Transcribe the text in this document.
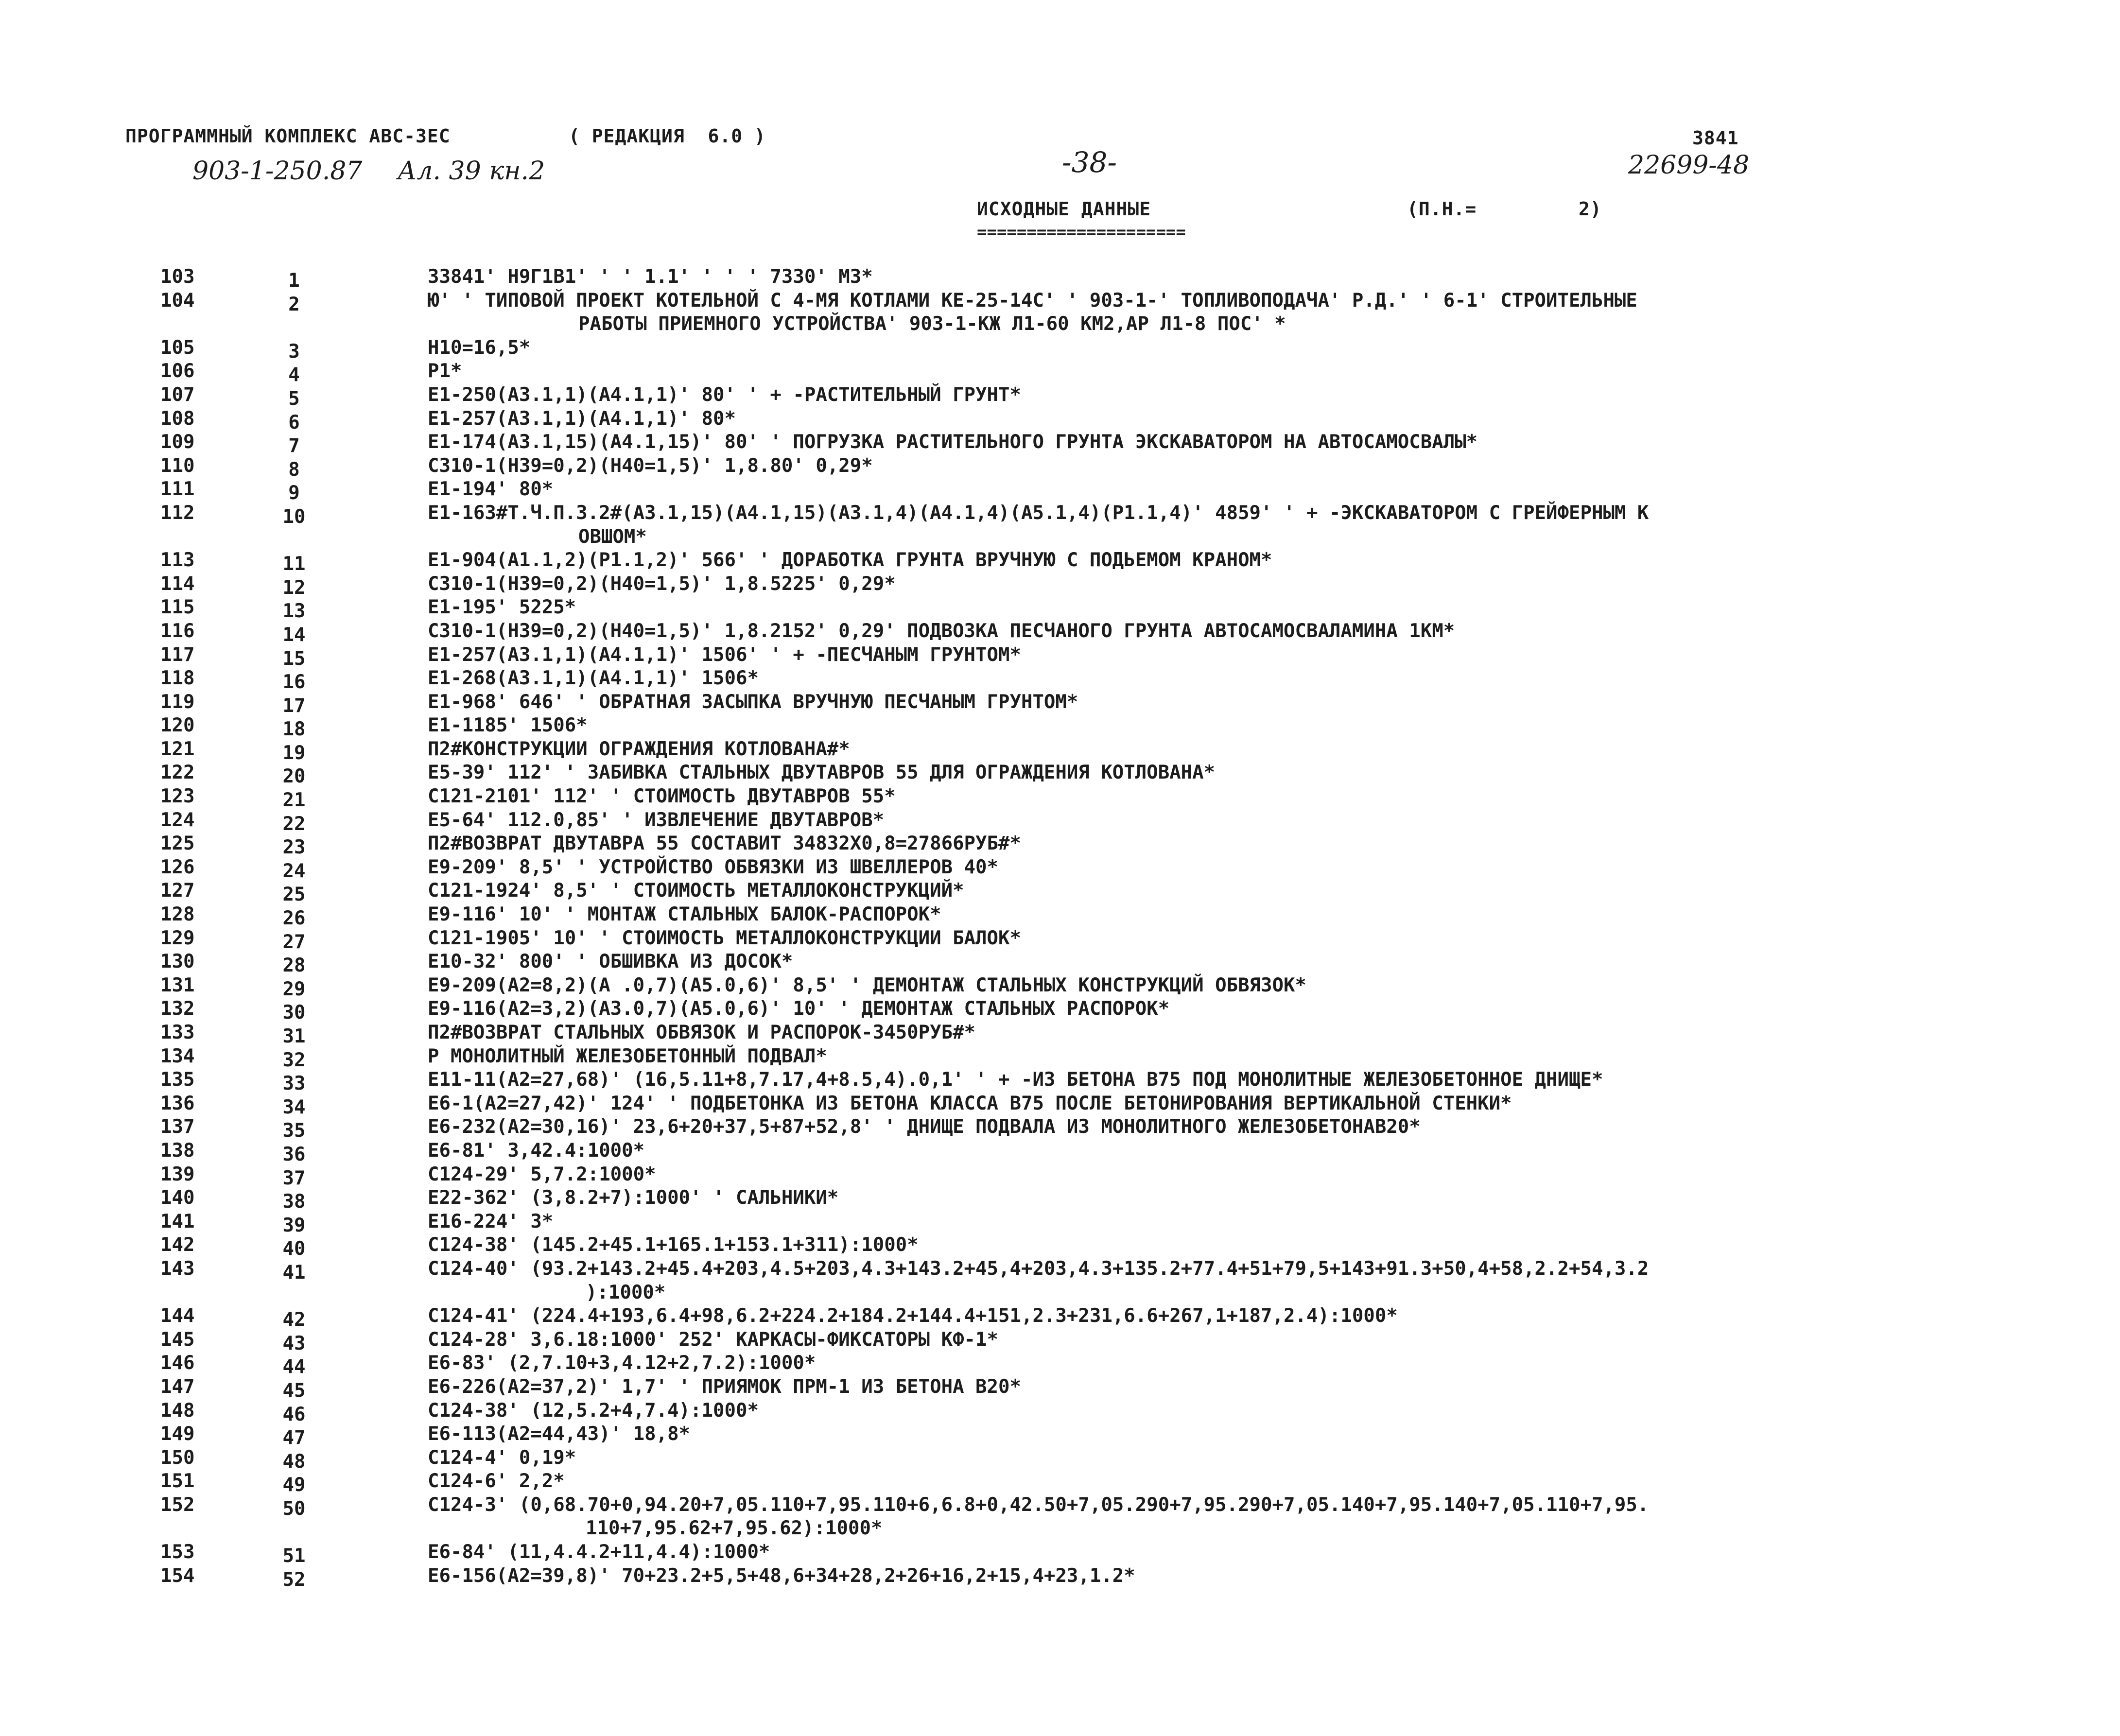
ПРОГРАММНЫЙ КОМПЛЕКС АВС-3ЕС	( РЕДАКЦИЯ  6.0 )	3841
903-1-250.87 Ал. 39 кн.2	-38-	22699-48
ИСХОДНЫЕ ДАННЫЕ
=====================
(П.Н.=	2)
103	1	33841' Н9Г1В1' ' ' 1.1' ' ' ' 7330' М3*
104	2	Ю' ' ТИПОВОЙ ПРОЕКТ КОТЕЛЬНОЙ С 4-МЯ КОТЛАМИ КЕ-25-14С' ' 903-1-' ТОПЛИВОПОДАЧА' Р.Д.' ' 6-1' СТРОИТЕЛЬНЫЕ
РАБОТЫ ПРИЕМНОГО УСТРОЙСТВА' 903-1-КЖ Л1-60 КМ2,АР Л1-8 ПОС' *
105	3	Н10=16,5*
106	4	Р1*
107	5	Е1-250(А3.1,1)(А4.1,1)' 80' ' + -РАСТИТЕЛЬНЫЙ ГРУНТ*
108	6	Е1-257(А3.1,1)(А4.1,1)' 80*
109	7	Е1-174(А3.1,15)(А4.1,15)' 80' ' ПОГРУЗКА РАСТИТЕЛЬНОГО ГРУНТА ЭКСКАВАТОРОМ НА АВТОСАМОСВАЛЫ*
110	8	С310-1(Н39=0,2)(Н40=1,5)' 1,8.80' 0,29*
111	9	Е1-194' 80*
112	10	Е1-163#Т.Ч.П.3.2#(А3.1,15)(А4.1,15)(А3.1,4)(А4.1,4)(А5.1,4)(Р1.1,4)' 4859' ' + -ЭКСКАВАТОРОМ С ГРЕЙФЕРНЫМ К
ОВШОМ*
113	11	Е1-904(А1.1,2)(Р1.1,2)' 566' ' ДОРАБОТКА ГРУНТА ВРУЧНУЮ С ПОДЬЕМОМ КРАНОМ*
114	12	С310-1(Н39=0,2)(Н40=1,5)' 1,8.5225' 0,29*
115	13	Е1-195' 5225*
116	14	С310-1(Н39=0,2)(Н40=1,5)' 1,8.2152' 0,29' ПОДВОЗКА ПЕСЧАНОГО ГРУНТА АВТОСАМОСВАЛАМИНА 1КМ*
117	15	Е1-257(А3.1,1)(А4.1,1)' 1506' ' + -ПЕСЧАНЫМ ГРУНТОМ*
118	16	Е1-268(А3.1,1)(А4.1,1)' 1506*
119	17	Е1-968' 646' ' ОБРАТНАЯ ЗАСЫПКА ВРУЧНУЮ ПЕСЧАНЫМ ГРУНТОМ*
120	18	Е1-1185' 1506*
121	19	П2#КОНСТРУКЦИИ ОГРАЖДЕНИЯ КОТЛОВАНА#*
122	20	Е5-39' 112' ' ЗАБИВКА СТАЛЬНЫХ ДВУТАВРОВ 55 ДЛЯ ОГРАЖДЕНИЯ КОТЛОВАНА*
123	21	С121-2101' 112' ' СТОИМОСТЬ ДВУТАВРОВ 55*
124	22	Е5-64' 112.0,85' ' ИЗВЛЕЧЕНИЕ ДВУТАВРОВ*
125	23	П2#ВОЗВРАТ ДВУТАВРА 55 СОСТАВИТ 34832Х0,8=27866РУБ#*
126	24	Е9-209' 8,5' ' УСТРОЙСТВО ОБВЯЗКИ ИЗ ШВЕЛЛЕРОВ 40*
127	25	С121-1924' 8,5' ' СТОИМОСТЬ МЕТАЛЛОКОНСТРУКЦИЙ*
128	26	Е9-116' 10' ' МОНТАЖ СТАЛЬНЫХ БАЛОК-РАСПОРОК*
129	27	С121-1905' 10' ' СТОИМОСТЬ МЕТАЛЛОКОНСТРУКЦИИ БАЛОК*
130	28	Е10-32' 800' ' ОБШИВКА ИЗ ДОСОК*
131	29	Е9-209(А2=8,2)(А .0,7)(А5.0,6)' 8,5' ' ДЕМОНТАЖ СТАЛЬНЫХ КОНСТРУКЦИЙ ОБВЯЗОК*
132	30	Е9-116(А2=3,2)(А3.0,7)(А5.0,6)' 10' ' ДЕМОНТАЖ СТАЛЬНЫХ РАСПОРОК*
133	31	П2#ВОЗВРАТ СТАЛЬНЫХ ОБВЯЗОК И РАСПОРОК-3450РУБ#*
134	32	Р МОНОЛИТНЫЙ ЖЕЛЕЗОБЕТОННЫЙ ПОДВАЛ*
135	33	Е11-11(А2=27,68)' (16,5.11+8,7.17,4+8.5,4).0,1' ' + -ИЗ БЕТОНА В75 ПОД МОНОЛИТНЫЕ ЖЕЛЕЗОБЕТОННОЕ ДНИЩЕ*
136	34	Е6-1(А2=27,42)' 124' ' ПОДБЕТОНКА ИЗ БЕТОНА КЛАССА В75 ПОСЛЕ БЕТОНИРОВАНИЯ ВЕРТИКАЛЬНОЙ СТЕНКИ*
137	35	Е6-232(А2=30,16)' 23,6+20+37,5+87+52,8' ' ДНИЩЕ ПОДВАЛА ИЗ МОНОЛИТНОГО ЖЕЛЕЗОБЕТОНАВ20*
138	36	Е6-81' 3,42.4:1000*
139	37	С124-29' 5,7.2:1000*
140	38	Е22-362' (3,8.2+7):1000' ' САЛЬНИКИ*
141	39	Е16-224' 3*
142	40	С124-38' (145.2+45.1+165.1+153.1+311):1000*
143	41	С124-40' (93.2+143.2+45.4+203,4.5+203,4.3+143.2+45,4+203,4.3+135.2+77.4+51+79,5+143+91.3+50,4+58,2.2+54,3.2
):1000*
144	42	С124-41' (224.4+193,6.4+98,6.2+224.2+184.2+144.4+151,2.3+231,6.6+267,1+187,2.4):1000*
145	43	С124-28' 3,6.18:1000' 252' КАРКАСЫ-ФИКСАТОРЫ КФ-1*
146	44	Е6-83' (2,7.10+3,4.12+2,7.2):1000*
147	45	Е6-226(А2=37,2)' 1,7' ' ПРИЯМОК ПРМ-1 ИЗ БЕТОНА В20*
148	46	С124-38' (12,5.2+4,7.4):1000*
149	47	Е6-113(А2=44,43)' 18,8*
150	48	С124-4' 0,19*
151	49	С124-6' 2,2*
152	50	С124-3' (0,68.70+0,94.20+7,05.110+7,95.110+6,6.8+0,42.50+7,05.290+7,95.290+7,05.140+7,95.140+7,05.110+7,95.
110+7,95.62+7,95.62):1000*
153	51	Е6-84' (11,4.4.2+11,4.4):1000*
154	52	Е6-156(А2=39,8)' 70+23.2+5,5+48,6+34+28,2+26+16,2+15,4+23,1.2*
